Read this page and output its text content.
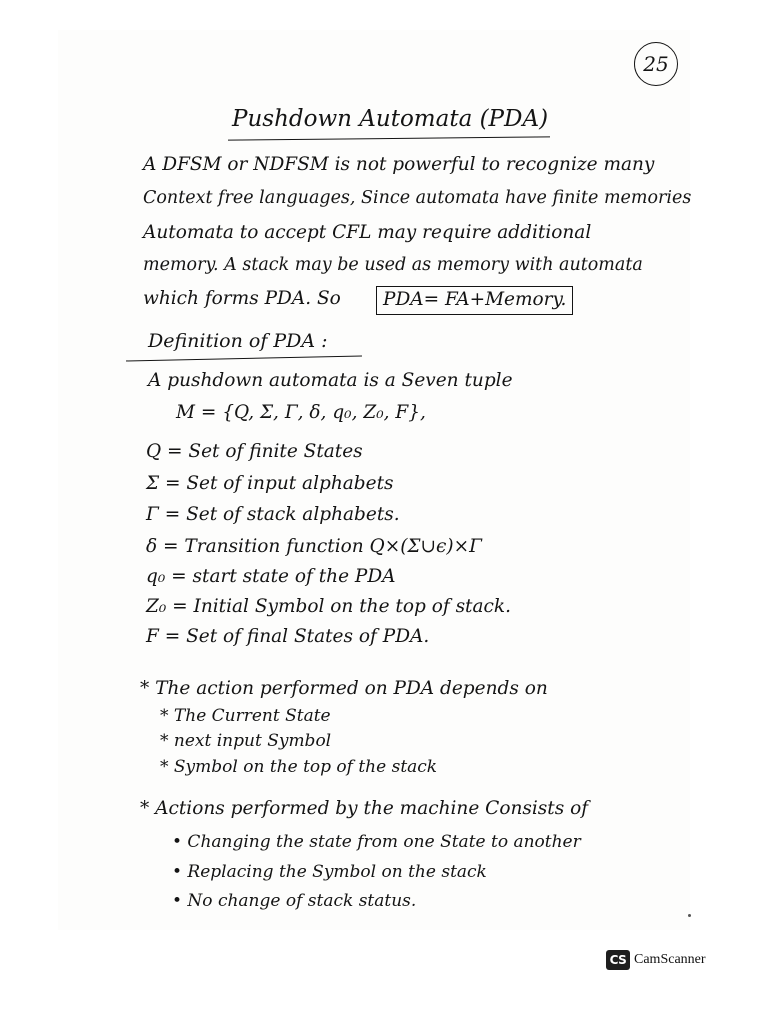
25
Pushdown Automata (PDA)
A DFSM or NDFSM is not powerful to recognize many
Context free languages, Since automata have finite memories
Automata to accept CFL may require additional
memory. A stack may be used as memory with automata
which forms PDA. So	PDA= FA+Memory.
Definition of PDA :
A pushdown automata is a Seven tuple
M = {Q, Σ, Γ, δ, q₀, Z₀, F},
Q = Set of finite States
Σ = Set of input alphabets
Γ = Set of stack alphabets.
δ = Transition function Q×(Σ∪ϵ)×Γ
q₀ = start state of the PDA
Z₀ = Initial Symbol on the top of stack.
F = Set of final States of PDA.
* The action performed on PDA depends on
* The Current State
* next input Symbol
* Symbol on the top of the stack
* Actions performed by the machine Consists of
• Changing the state from one State to another
• Replacing the Symbol on the stack
• No change of stack status.
CS CamScanner
